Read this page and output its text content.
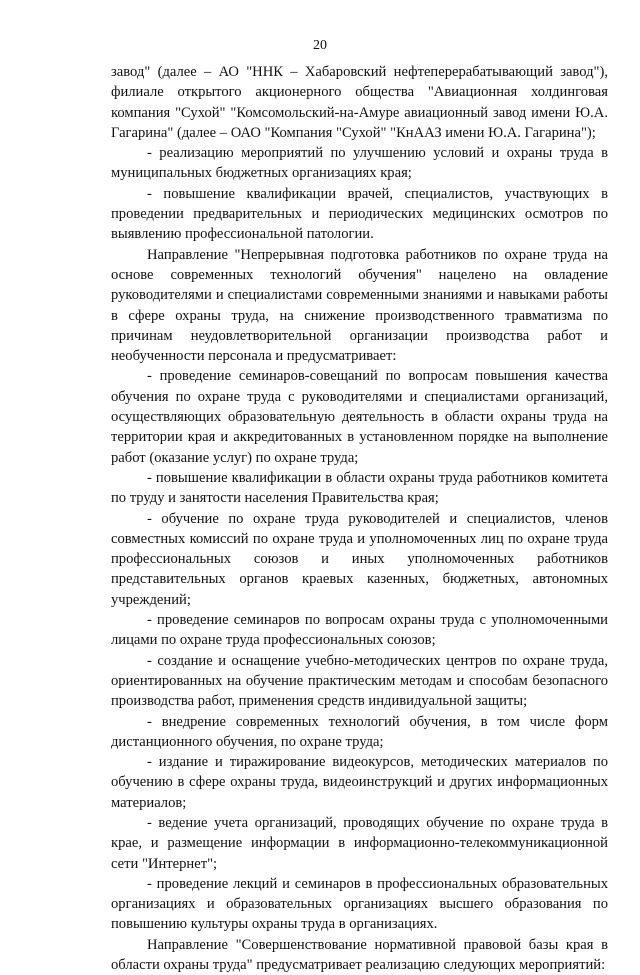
20

завод" (далее – АО "ННК – Хабаровский нефтеперерабатывающий завод"), филиале открытого акционерного общества "Авиационная холдинговая компания "Сухой" "Комсомольский-на-Амуре авиационный завод имени Ю.А. Гагарина" (далее – ОАО "Компания "Сухой" "КнААЗ имени Ю.А. Гагарина");

- реализацию мероприятий по улучшению условий и охраны труда в муниципальных бюджетных организациях края;

- повышение квалификации врачей, специалистов, участвующих в проведении предварительных и периодических медицинских осмотров по выявлению профессиональной патологии.

Направление "Непрерывная подготовка работников по охране труда на основе современных технологий обучения" нацелено на овладение руководителями и специалистами современными знаниями и навыками работы в сфере охраны труда, на снижение производственного травматизма по причинам неудовлетворительной организации производства работ и необученности персонала и предусматривает:

- проведение семинаров-совещаний по вопросам повышения качества обучения по охране труда с руководителями и специалистами организаций, осуществляющих образовательную деятельность в области охраны труда на территории края и аккредитованных в установленном порядке на выполнение работ (оказание услуг) по охране труда;

- повышение квалификации в области охраны труда работников комитета по труду и занятости населения Правительства края;

- обучение по охране труда руководителей и специалистов, членов совместных комиссий по охране труда и уполномоченных лиц по охране труда профессиональных союзов и иных уполномоченных работников представительных органов краевых казенных, бюджетных, автономных учреждений;

- проведение семинаров по вопросам охраны труда с уполномоченными лицами по охране труда профессиональных союзов;

- создание и оснащение учебно-методических центров по охране труда, ориентированных на обучение практическим методам и способам безопасного производства работ, применения средств индивидуальной защиты;

- внедрение современных технологий обучения, в том числе форм дистанционного обучения, по охране труда;

- издание и тиражирование видеокурсов, методических материалов по обучению в сфере охраны труда, видеоинструкций и других информационных материалов;

- ведение учета организаций, проводящих обучение по охране труда в крае, и размещение информации в информационно-телекоммуникационной сети "Интернет";

- проведение лекций и семинаров в профессиональных образовательных организациях и образовательных организациях высшего образования по повышению культуры охраны труда в организациях.

Направление "Совершенствование нормативной правовой базы края в области охраны труда" предусматривает реализацию следующих мероприятий:
